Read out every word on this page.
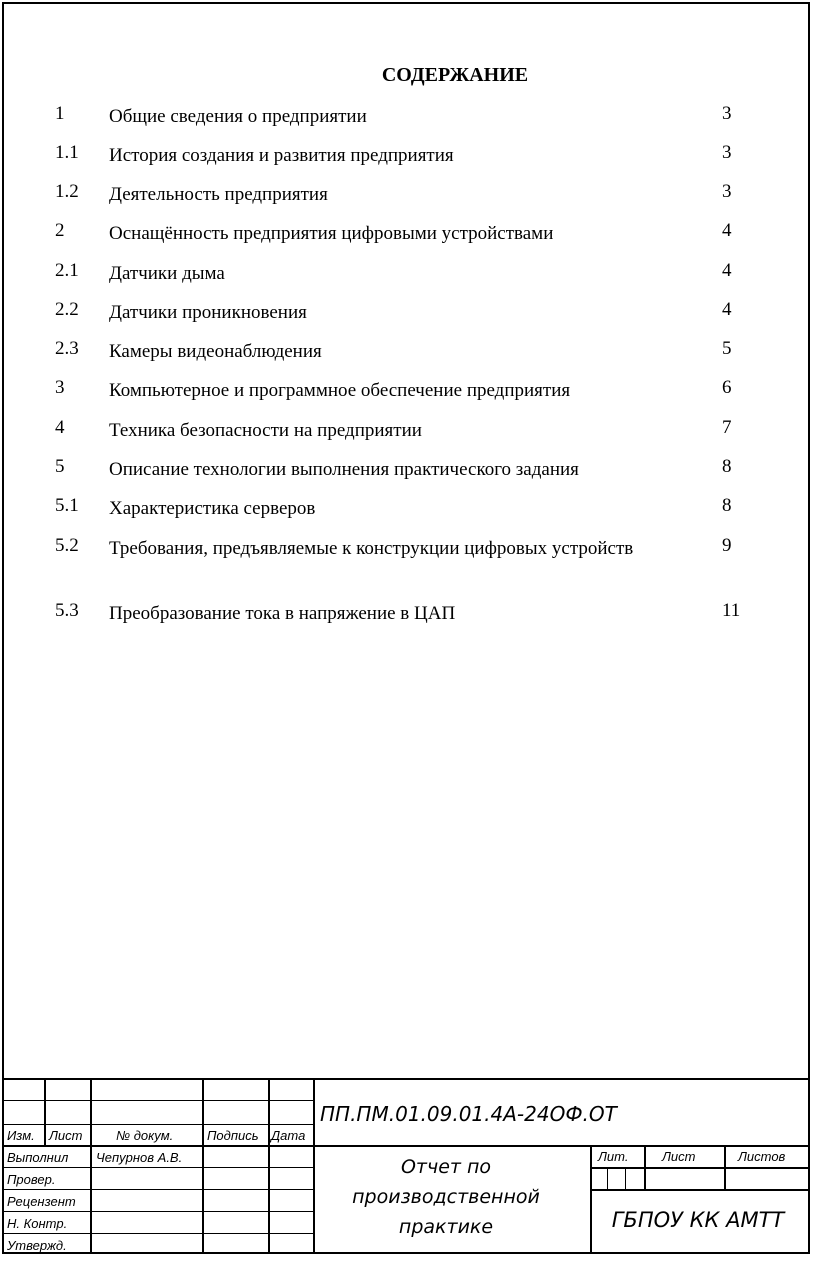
СОДЕРЖАНИЕ
1 Общие сведения о предприятии	3
1.1 История создания и развития предприятия	3
1.2 Деятельность предприятия	3
2 Оснащённость предприятия цифровыми устройствами	4
2.1 Датчики дыма	4
2.2 Датчики проникновения	4
2.3 Камеры видеонаблюдения	5
3 Компьютерное и программное обеспечение предприятия	6
4 Техника безопасности на предприятии	7
5 Описание технологии выполнения практического задания	8
5.1 Характеристика серверов	8
5.2 Требования, предъявляемые к конструкции цифровых устройств	9
5.3 Преобразование тока в напряжение в ЦАП	11
Изм. Лист	№ докум.	Подпись Дата
Выполнил Чепурнов А.В.
Провер.
Рецензент
Н. Контр.
Утвержд.
Лит.	Лист	Листов
ПП.ПМ.01.09.01.4А-24ОФ.ОТ
Отчет по производственной практике	ГБПОУ КК АМТТ
